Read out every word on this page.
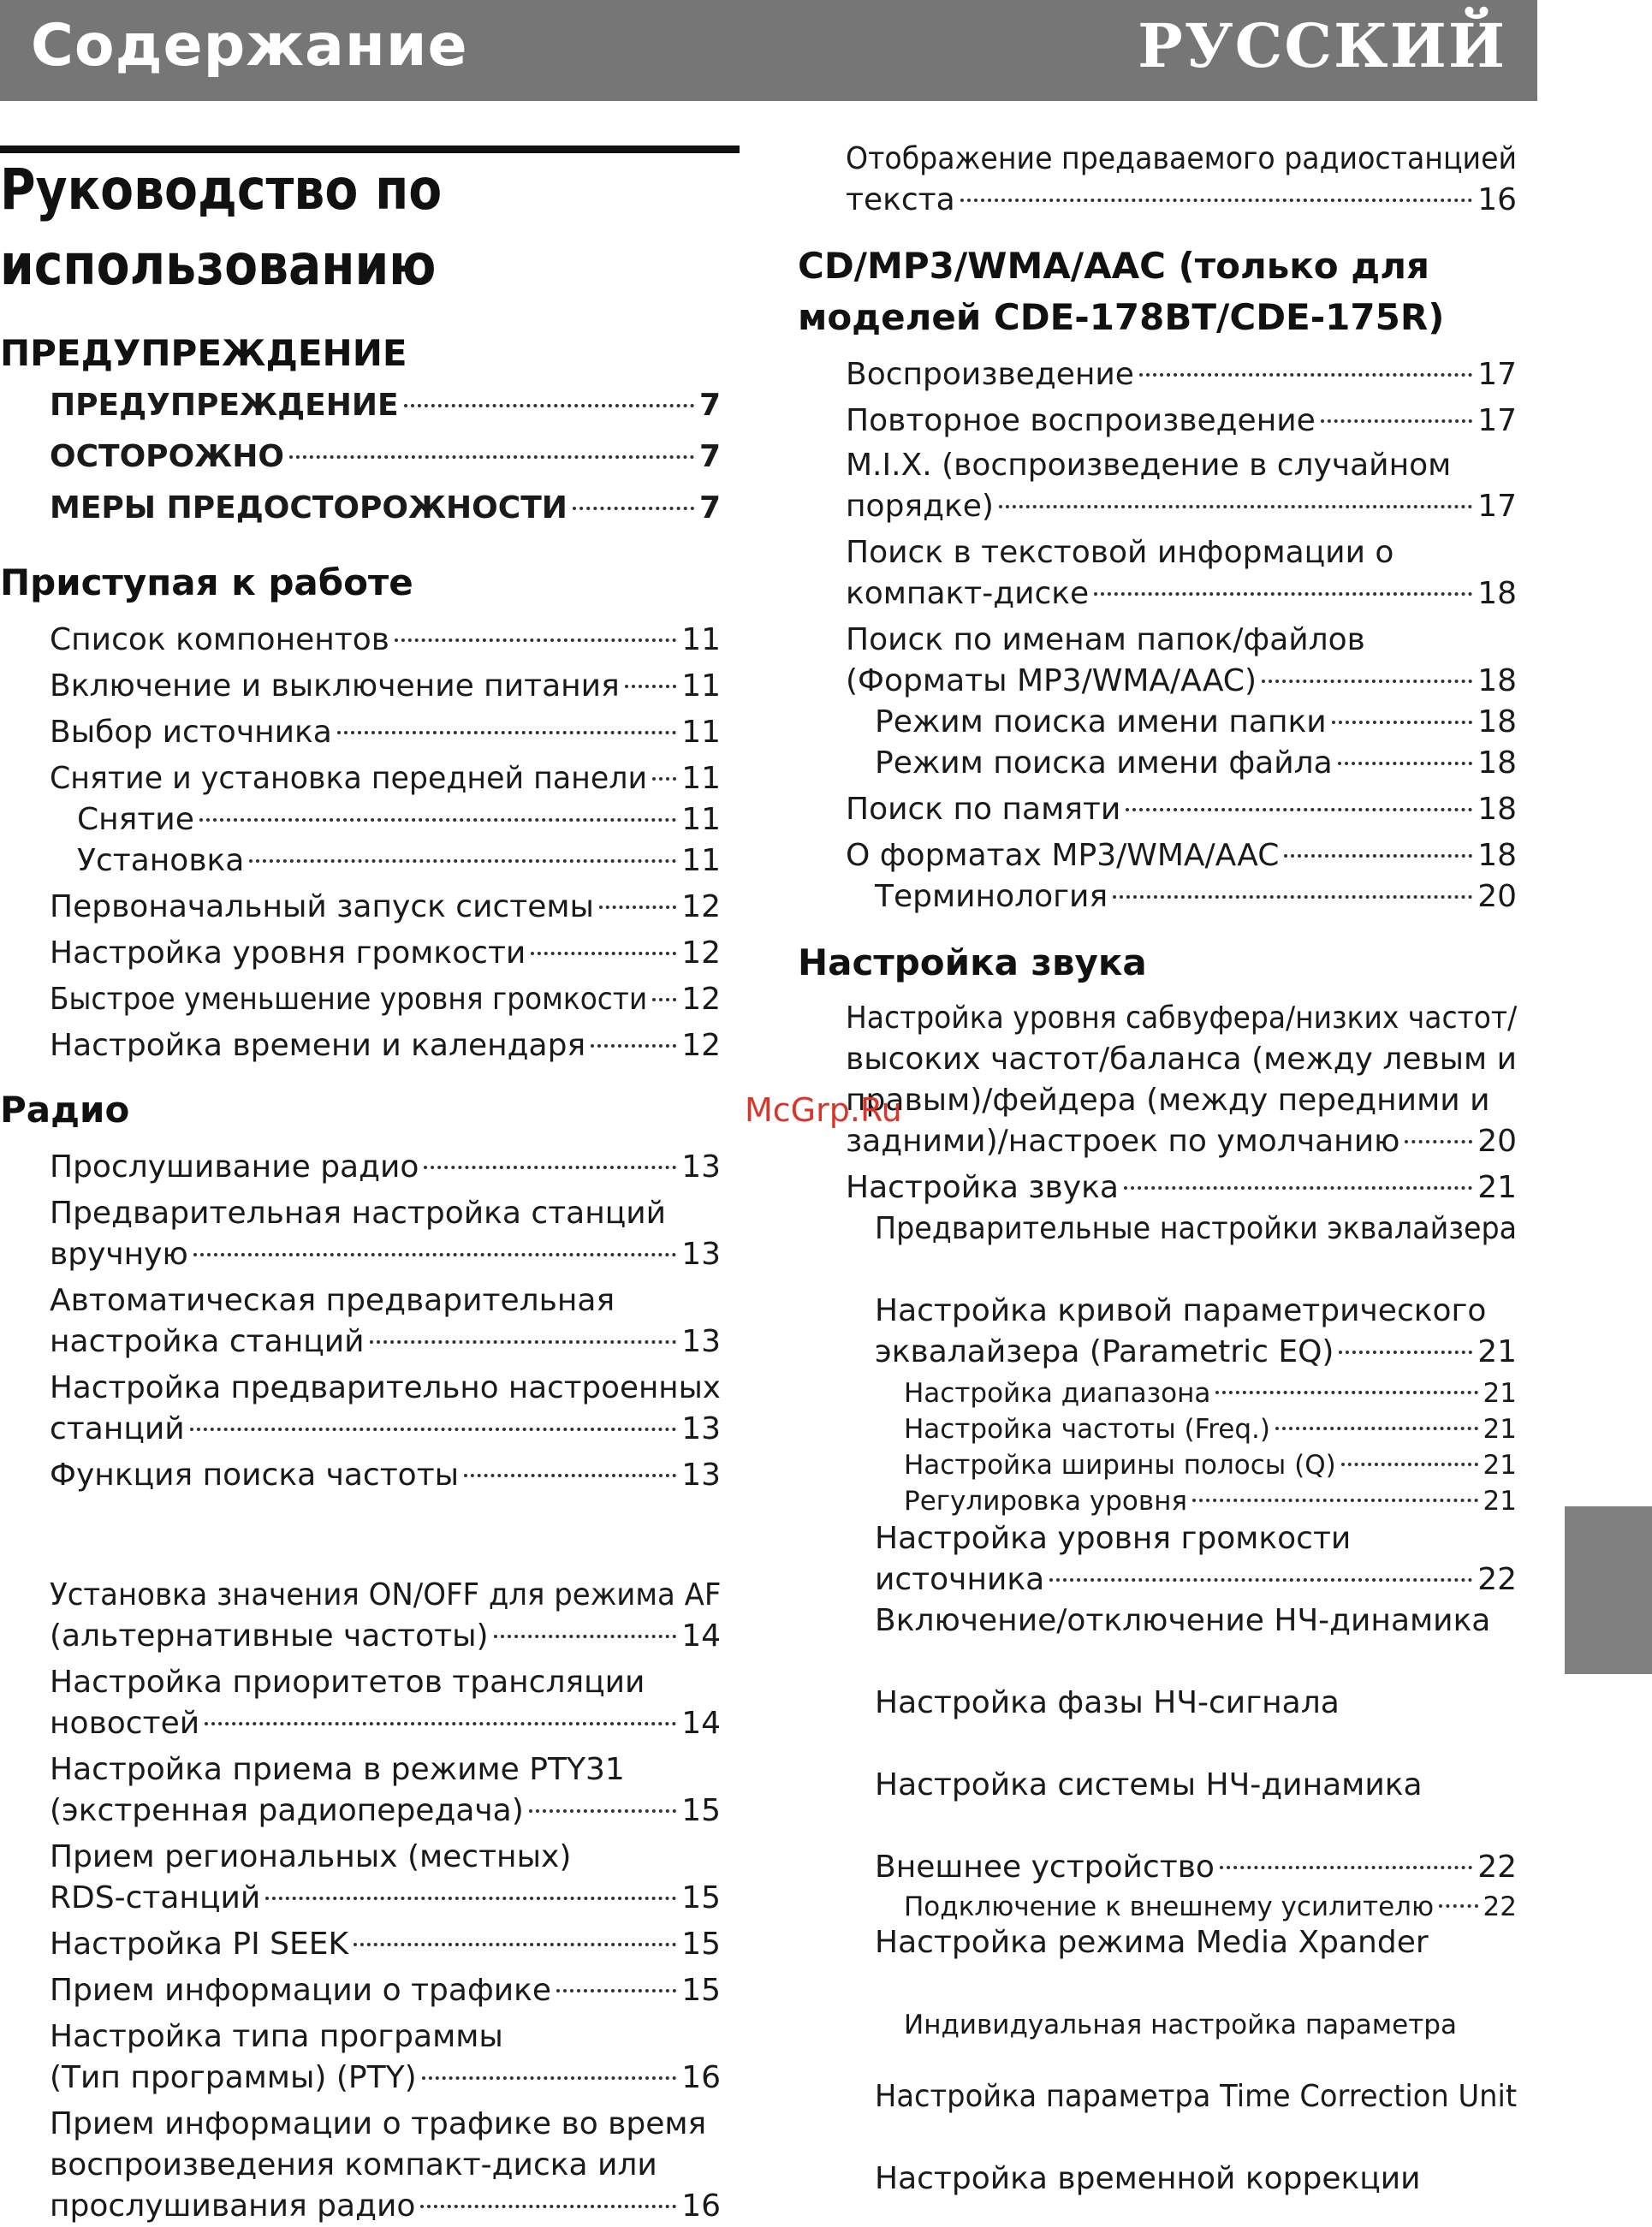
Содержание	РУССКИЙ
Руководство по
использованию
ПРЕДУПРЕЖДЕНИЕ
ПРЕДУПРЕЖДЕНИЕ	7
ОСТОРОЖНО	7
МЕРЫ ПРЕДОСТОРОЖНОСТИ	7
Приступая к работе
Список компонентов	11
Включение и выключение питания 11
Выбор источника	11
Снятие и установка передней панели 11
Снятие	11
Установка	11
Первоначальный запуск системы	12
Настройка уровня громкости	12
Быстрое уменьшение уровня громкости 12
Настройка времени и календаря	12
Радио
Прослушивание радио	13
Предварительная настройка станций
вручную	13
Автоматическая предварительная
настройка станций	13
Настройка предварительно настроенных
станций	13
Функция поиска частоты	13
Установка значения ON/OFF для режима AF
(альтернативные частоты)	14
Настройка приоритетов трансляции
новостей	14
Настройка приема в режиме PTY31
(экстренная радиопередача)	15
Прием региональных (местных)
RDS-станций	15
Настройка PI SEEK	15
Прием информации о трафике	15
Настройка типа программы
(Тип программы) (PTY)	16
Прием информации о трафике во время
воспроизведения компакт-диска или
прослушивания радио	16
Отображение предаваемого радиостанцией
текста	16
CD/MP3/WMA/AAC (только для
моделей CDE-178BT/CDE-175R)
Воспроизведение	17
Повторное воспроизведение	17
M.I.X. (воспроизведение в случайном
порядке)	17
Поиск в текстовой информации о
компакт-диске	18
Поиск по именам папок/файлов
(Форматы MP3/WMA/AAC)	18
Режим поиска имени папки	18
Режим поиска имени файла	18
Поиск по памяти	18
О форматах MP3/WMA/AAC	18
Терминология	20
Настройка звука
Настройка уровня сабвуфера/низких частот/
высоких частот/баланса (между левым и
правым)/фейдера (между передними и
задними)/настроек по умолчанию	20
Настройка звука	21
Предварительные настройки эквалайзера
Настройка кривой параметрического
эквалайзера (Parametric EQ)	21
Настройка диапазона	21
Настройка частоты (Freq.)	21
Настройка ширины полосы (Q)	21
Регулировка уровня	21
Настройка уровня громкости
источника	22
Включение/отключение НЧ-динамика
Настройка фазы НЧ-сигнала
Настройка системы НЧ-динамика
Внешнее устройство	22
Подключение к внешнему усилителю 22
Настройка режима Media Xpander
Индивидуальная настройка параметра
Настройка параметра Time Correction Unit
Настройка временной коррекции
McGrp.Ru
